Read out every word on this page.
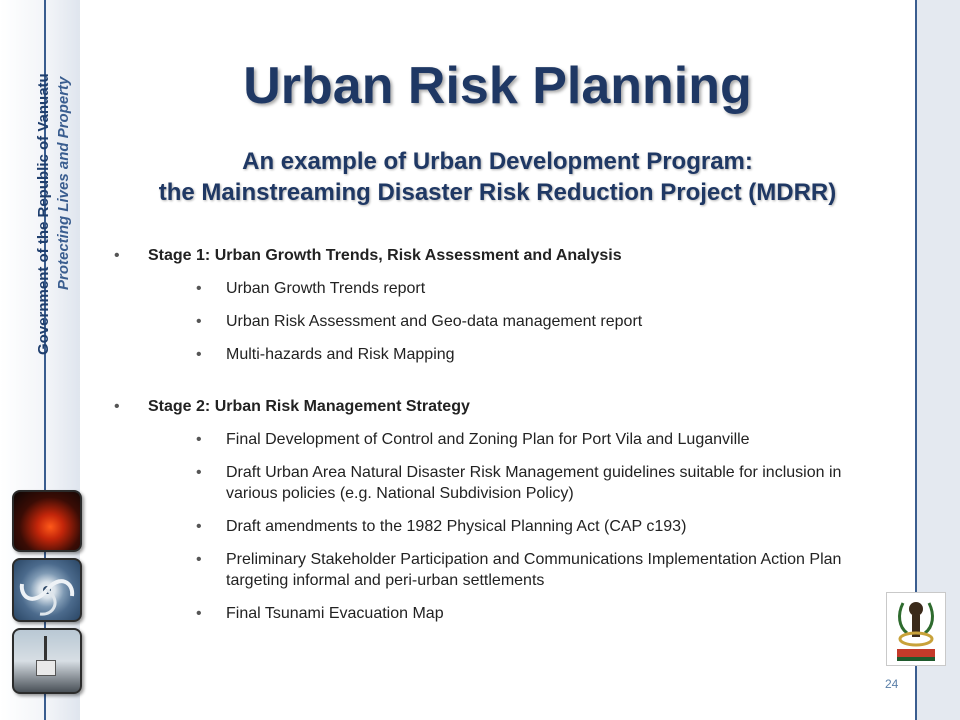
Government of the Republic of Vanuatu Protecting Lives and Property	Urban Risk Planning
An example of Urban Development Program:
the Mainstreaming Disaster Risk Reduction Project (MDRR)
• Stage 1: Urban Growth Trends, Risk Assessment and Analysis
• Urban Growth Trends report
• Urban Risk Assessment and Geo-data management report
• Multi-hazards and Risk Mapping
• Stage 2: Urban Risk Management Strategy
• Final Development of Control and Zoning Plan for Port Vila and Luganville
• Draft Urban Area Natural Disaster Risk Management guidelines suitable for inclusion in various policies (e.g. National Subdivision Policy)
• Draft amendments to the 1982 Physical Planning Act (CAP c193)
• Preliminary Stakeholder Participation and Communications Implementation Action Plan targeting informal and peri-urban settlements
• Final Tsunami Evacuation Map
24
